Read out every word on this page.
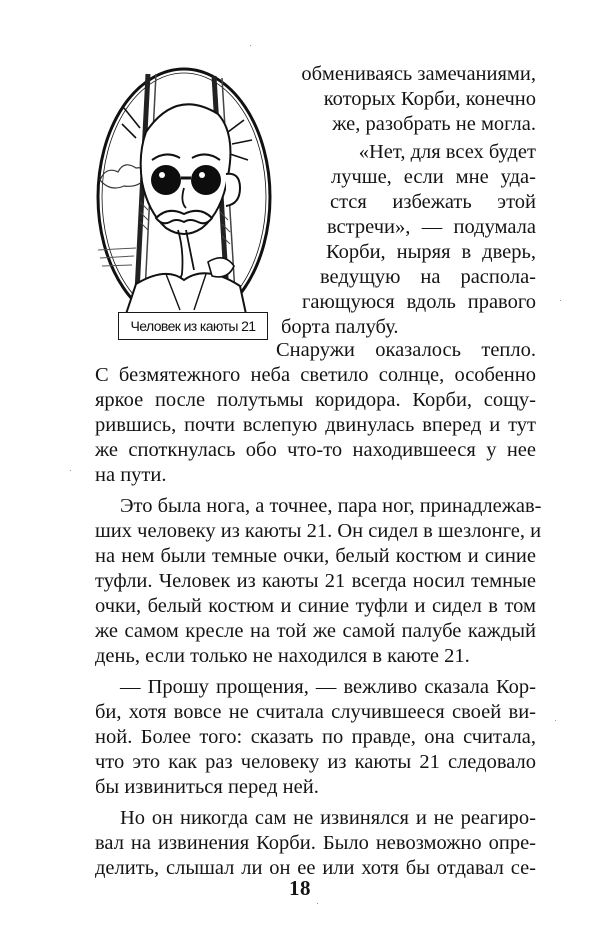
Человек из каюты 21
обмениваясь замечаниями,
которых Корби, конечно
же, разобрать не могла.
«Нет, для всех будет
лучше, если мне уда-
стся избежать этой
встречи», — подумала
Корби, ныряя в дверь,
ведущую на распола-
гающуюся вдоль правого
борта палубу.
Снаружи оказалось тепло.
С безмятежного неба светило солнце, особенно
яркое после полутьмы коридора. Корби, сощу-
рившись, почти вслепую двинулась вперед и тут
же споткнулась обо что-то находившееся у нее
на пути.
Это была нога, а точнее, пара ног, принадлежав-
ших человеку из каюты 21. Он сидел в шезлонге, и
на нем были темные очки, белый костюм и синие
туфли. Человек из каюты 21 всегда носил темные
очки, белый костюм и синие туфли и сидел в том
же самом кресле на той же самой палубе каждый
день, если только не находился в каюте 21.
— Прошу прощения, — вежливо сказала Кор-
би, хотя вовсе не считала случившееся своей ви-
ной. Более того: сказать по правде, она считала,
что это как раз человеку из каюты 21 следовало
бы извиниться перед ней.
Но он никогда сам не извинялся и не реагиро-
вал на извинения Корби. Было невозможно опре-
делить, слышал ли он ее или хотя бы отдавал се-
18
